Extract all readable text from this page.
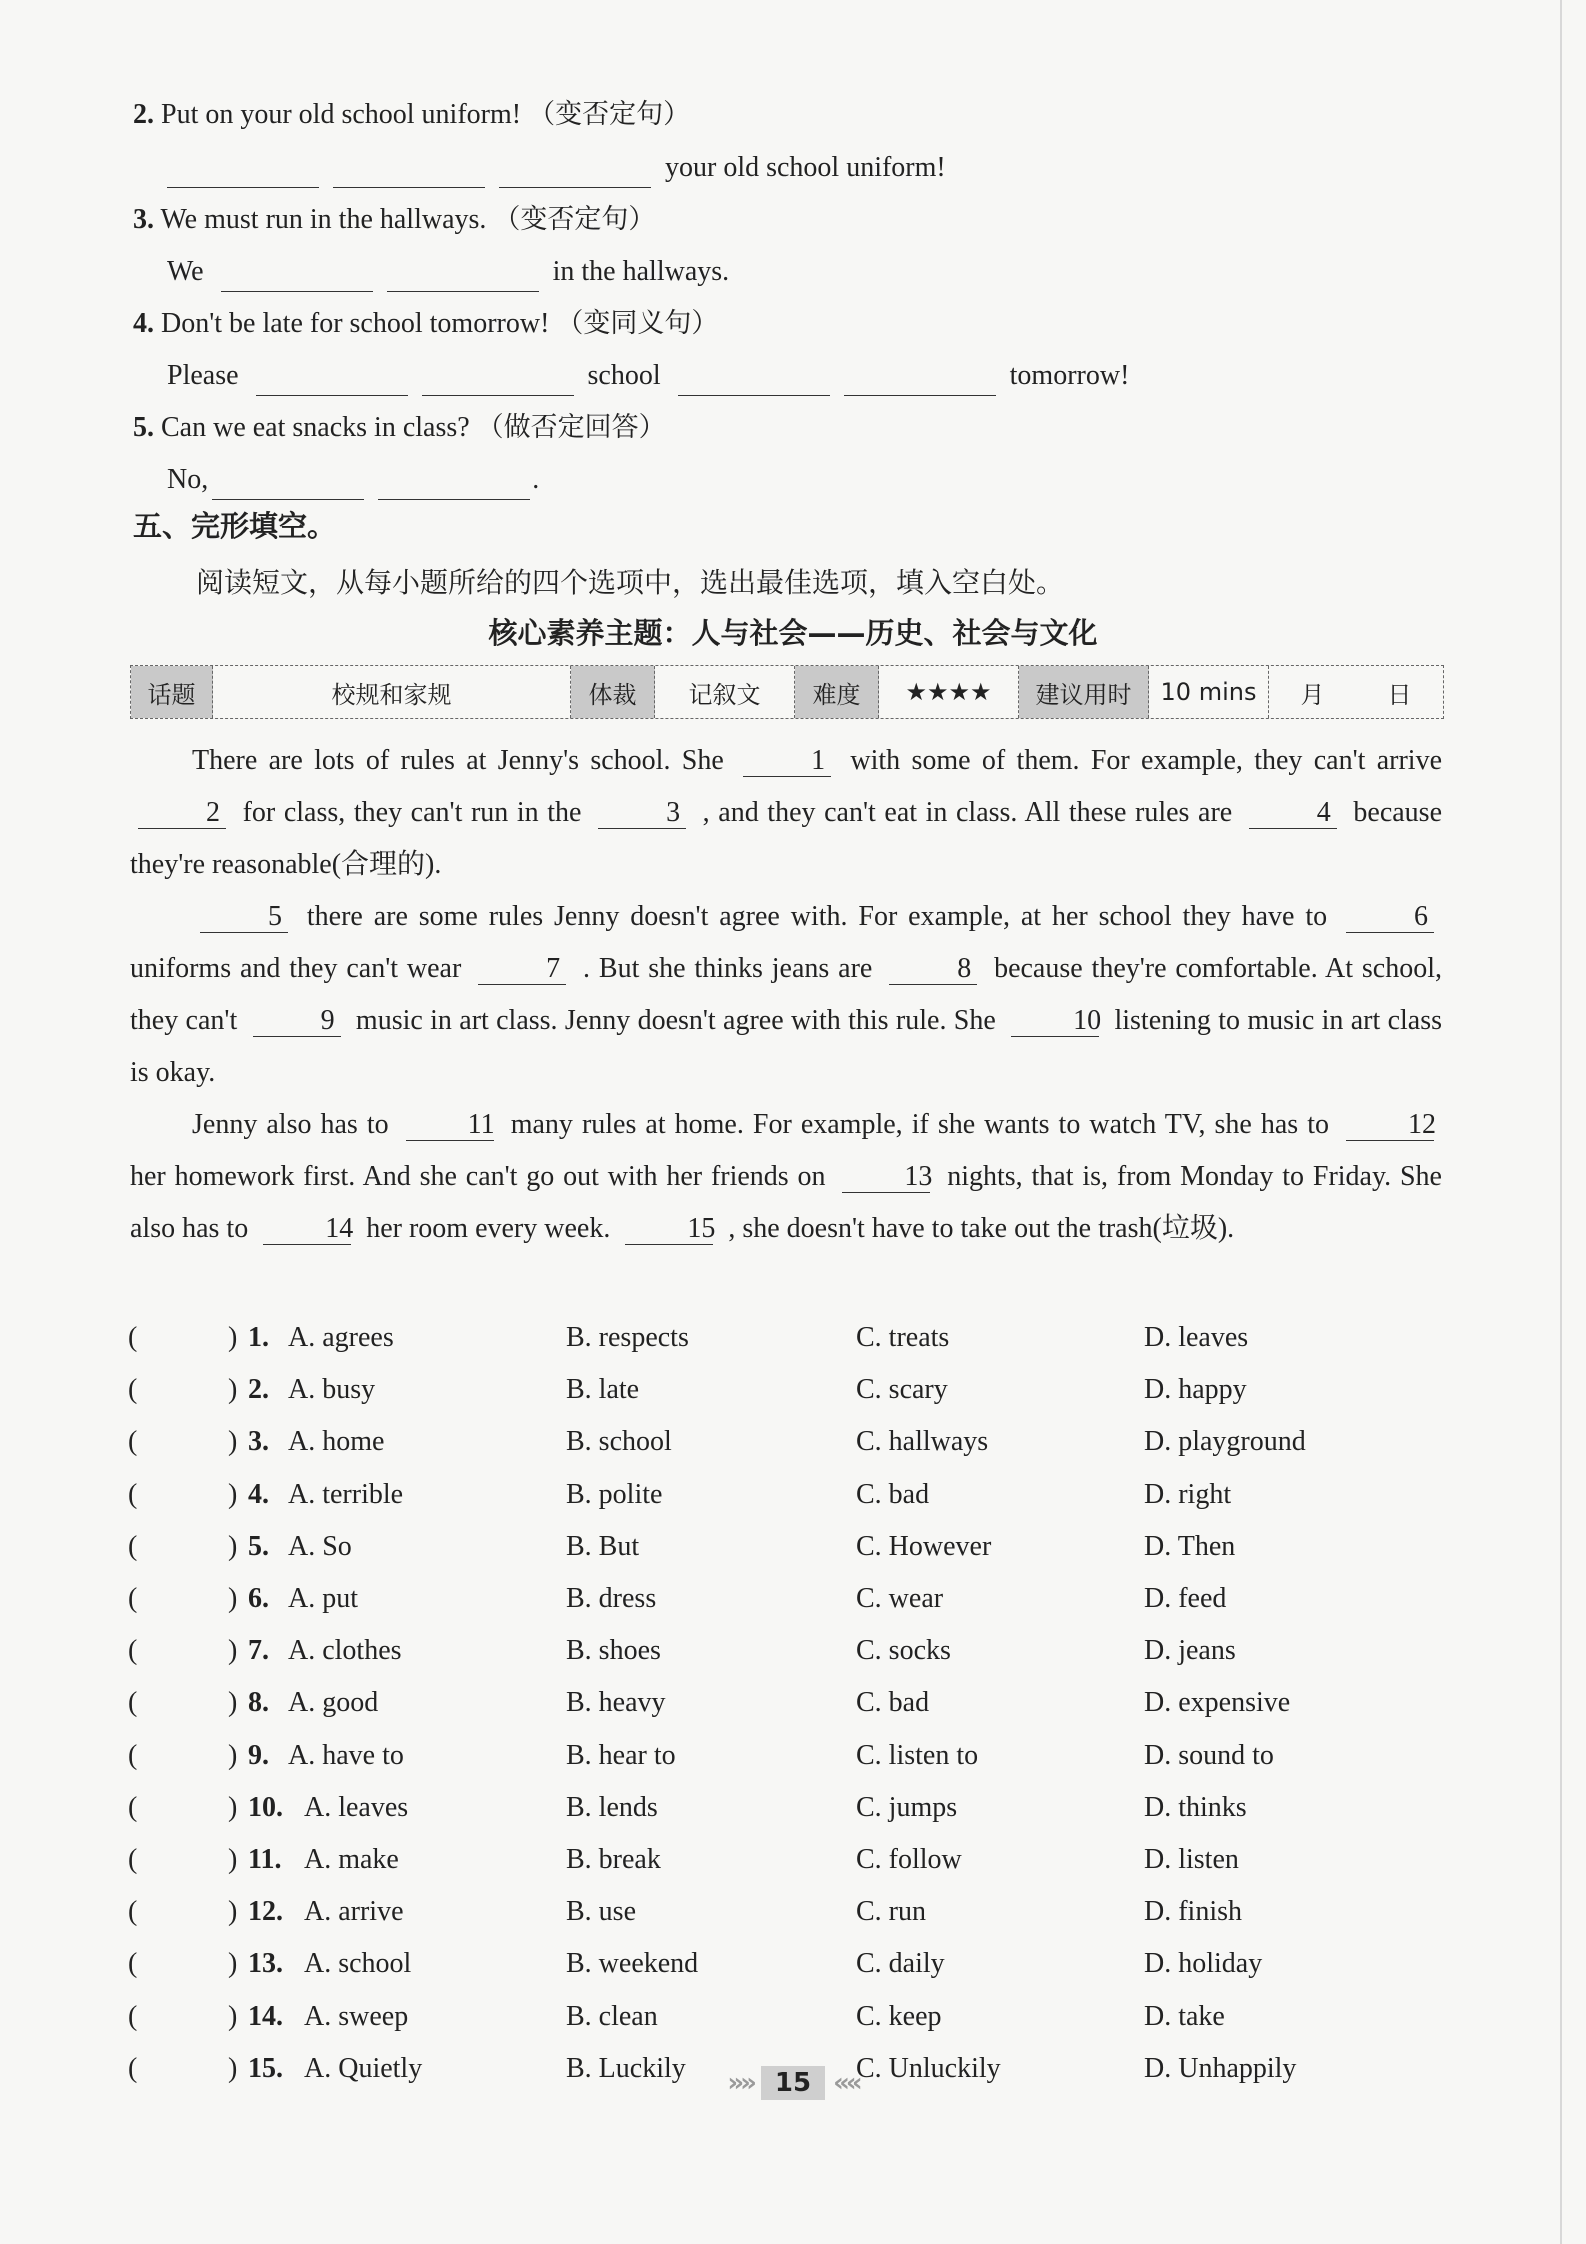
2. Put on your old school uniform! （变否定句）
your old school uniform!
3. We must run in the hallways. （变否定句）
We	in the hallways.
4. Don't be late for school tomorrow! （变同义句）
Please	school	tomorrow!
5. Can we eat snacks in class? （做否定回答）
No,	.
五、完形填空。
阅读短文，从每小题所给的四个选项中，选出最佳选项，填入空白处。
核心素养主题：人与社会——历史、社会与文化
话题	校规和家规	体裁	记叙文	难度	★★★★	建议用时	10 mins	月	日
There are lots of rules at Jenny's school. She	1 with some of them. For example, they can't arrive 2 for class, they can't run in the	3 , and they can't eat in class. All these rules are	4 because they're reasonable(合理的).
5 there are some rules Jenny doesn't agree with. For example, at her school they have to	6 uniforms and they can't wear	7 . But she thinks jeans are	8 because they're comfortable. At school, they can't	9 music in art class. Jenny doesn't agree with this rule. She	10 listening to music in art class is okay.
Jenny also has to	11 many rules at home. For example, if she wants to watch TV, she has to	12 her homework first. And she can't go out with her friends on	13 nights, that is, from Monday to Friday. She also has to	14 her room every week.	15 , she doesn't have to take out the trash(垃圾).
(	) 1. A. agrees	B. respects	C. treats	D. leaves
(	) 2. A. busy	B. late	C. scary	D. happy
(	) 3. A. home	B. school	C. hallways	D. playground
(	) 4. A. terrible	B. polite	C. bad	D. right
(	) 5. A. So	B. But	C. However	D. Then
(	) 6. A. put	B. dress	C. wear	D. feed
(	) 7. A. clothes	B. shoes	C. socks	D. jeans
(	) 8. A. good	B. heavy	C. bad	D. expensive
(	) 9. A. have to	B. hear to	C. listen to	D. sound to
(	) 10. A. leaves	B. lends	C. jumps	D. thinks
(	) 11. A. make	B. break	C. follow	D. listen
(	) 12. A. arrive	B. use	C. run	D. finish
(	) 13. A. school	B. weekend	C. daily	D. holiday
(	) 14. A. sweep	B. clean	C. keep	D. take
(	) 15. A. Quietly	B. Luckily	C. Unluckily	D. Unhappily
»» 15 ««
